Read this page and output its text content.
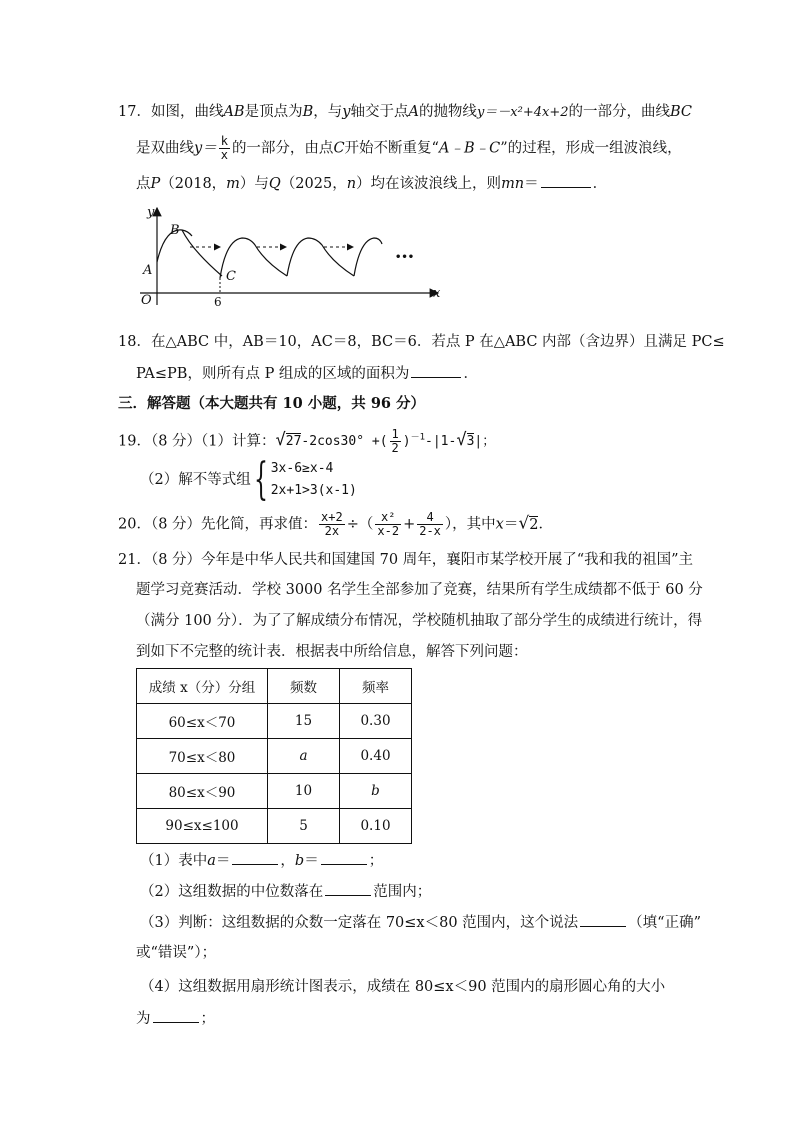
17．如图，曲线AB是顶点为B，与y轴交于点A的抛物线y＝－x²+4x+2的一部分，曲线BC
是双曲线$y= \frac{k}{x}$ 的一部分，由点C开始不断重复“A﹣B﹣C”的过程，形成一组波浪线，
点P（2018，m）与Q（2025，n）均在该波浪线上，则mn＝	．
y
x
O
A
B
C
6
•••
18．在△ABC 中，AB＝10，AC＝8，BC＝6．若点 P 在△ABC 内部（含边界）且满足 PC≤
PA≤PB，则所有点 P 组成的区域的面积为	．
三．解答题（本大题共有 10 小题，共 96 分）
19．（8 分）（1）计算：√27-2cos30° +( $\frac{1}{2} )^{-1}-|1-√3|$；
（2）解不等式组{ 3x-6≥x-4
2x+1>3(x-1)
20．（8 分）先化简，再求值： $\frac{x+2}{2x}$ ÷（ $\frac{\text{x²}}{x-2} + \frac{4}{2-x}$ ），其中x＝√2．
21．（8 分）今年是中华人民共和国建国 70 周年，襄阳市某学校开展了“我和我的祖国”主
题学习竞赛活动．学校 3000 名学生全部参加了竞赛，结果所有学生成绩都不低于 60 分
（满分 100 分）．为了了解成绩分布情况，学校随机抽取了部分学生的成绩进行统计，得
到如下不完整的统计表．根据表中所给信息，解答下列问题：
成绩 x（分）分组	频数	频率
60≤x＜70	15	0.30
70≤x＜80	a	0.40
80≤x＜90	10	b
90≤x≤100	5	0.10
（1）表中a＝	，b＝	；
（2）这组数据的中位数落在	范围内；
（3）判断：这组数据的众数一定落在 70≤x＜80 范围内，这个说法	（填“正确”
或“错误”）；
（4）这组数据用扇形统计图表示，成绩在 80≤x＜90 范围内的扇形圆心角的大小
为	；
